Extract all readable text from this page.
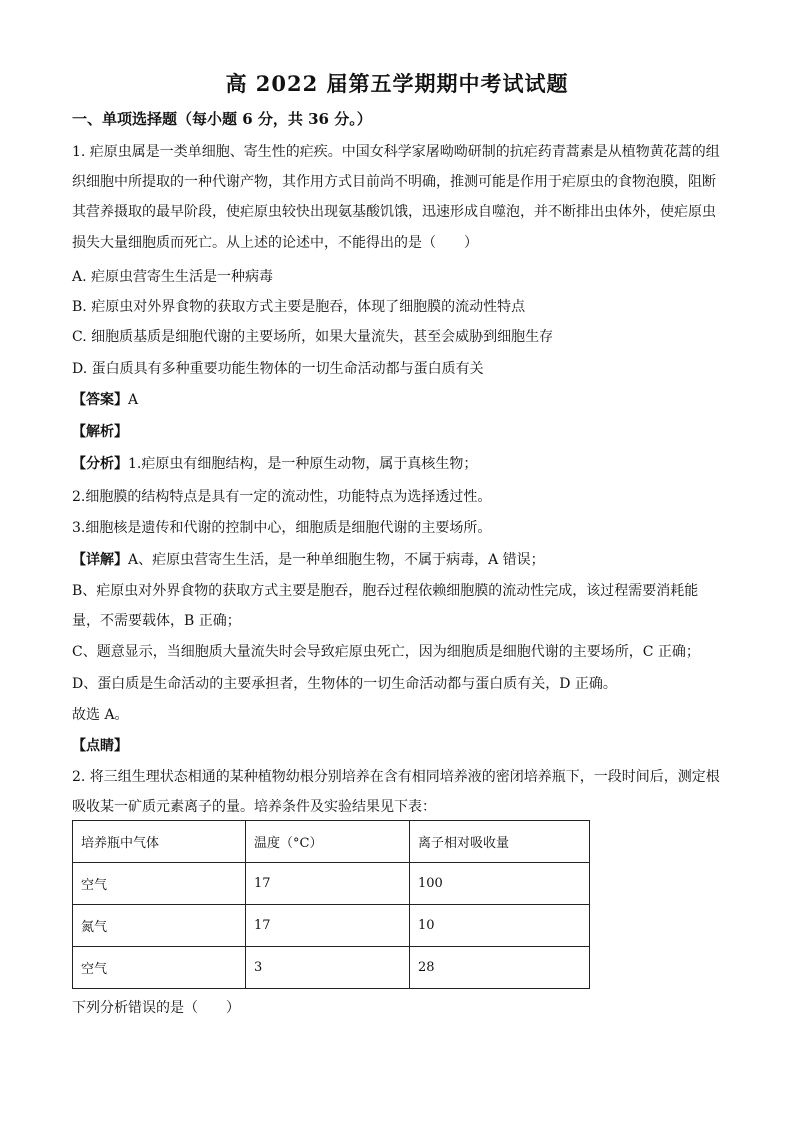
高 2022 届第五学期期中考试试题
一、单项选择题（每小题 6 分，共 36 分。）
1. 疟原虫属是一类单细胞、寄生性的疟疾。中国女科学家屠呦呦研制的抗疟药青蒿素是从植物黄花蒿的组
织细胞中所提取的一种代谢产物，其作用方式目前尚不明确，推测可能是作用于疟原虫的食物泡膜，阻断
其营养摄取的最早阶段，使疟原虫较快出现氨基酸饥饿，迅速形成自噬泡，并不断排出虫体外，使疟原虫
损失大量细胞质而死亡。从上述的论述中，不能得出的是（　　）
A. 疟原虫营寄生生活是一种病毒
B. 疟原虫对外界食物的获取方式主要是胞吞，体现了细胞膜的流动性特点
C. 细胞质基质是细胞代谢的主要场所，如果大量流失，甚至会威胁到细胞生存
D. 蛋白质具有多种重要功能生物体的一切生命活动都与蛋白质有关
【答案】A
【解析】
【分析】1.疟原虫有细胞结构，是一种原生动物，属于真核生物；
2.细胞膜的结构特点是具有一定的流动性，功能特点为选择透过性。
3.细胞核是遗传和代谢的控制中心，细胞质是细胞代谢的主要场所。
【详解】A、疟原虫营寄生生活，是一种单细胞生物，不属于病毒，A 错误；
B、疟原虫对外界食物的获取方式主要是胞吞，胞吞过程依赖细胞膜的流动性完成，该过程需要消耗能
量，不需要载体，B 正确；
C、题意显示，当细胞质大量流失时会导致疟原虫死亡，因为细胞质是细胞代谢的主要场所，C 正确；
D、蛋白质是生命活动的主要承担者，生物体的一切生命活动都与蛋白质有关，D 正确。
故选 A。
【点睛】
2. 将三组生理状态相通的某种植物幼根分别培养在含有相同培养液的密闭培养瓶下，一段时间后，测定根
吸收某一矿质元素离子的量。培养条件及实验结果见下表：
培养瓶中气体	温度（°C）	离子相对吸收量
空气	17	100
氮气	17	10
空气	3	28
下列分析错误的是（　　）
